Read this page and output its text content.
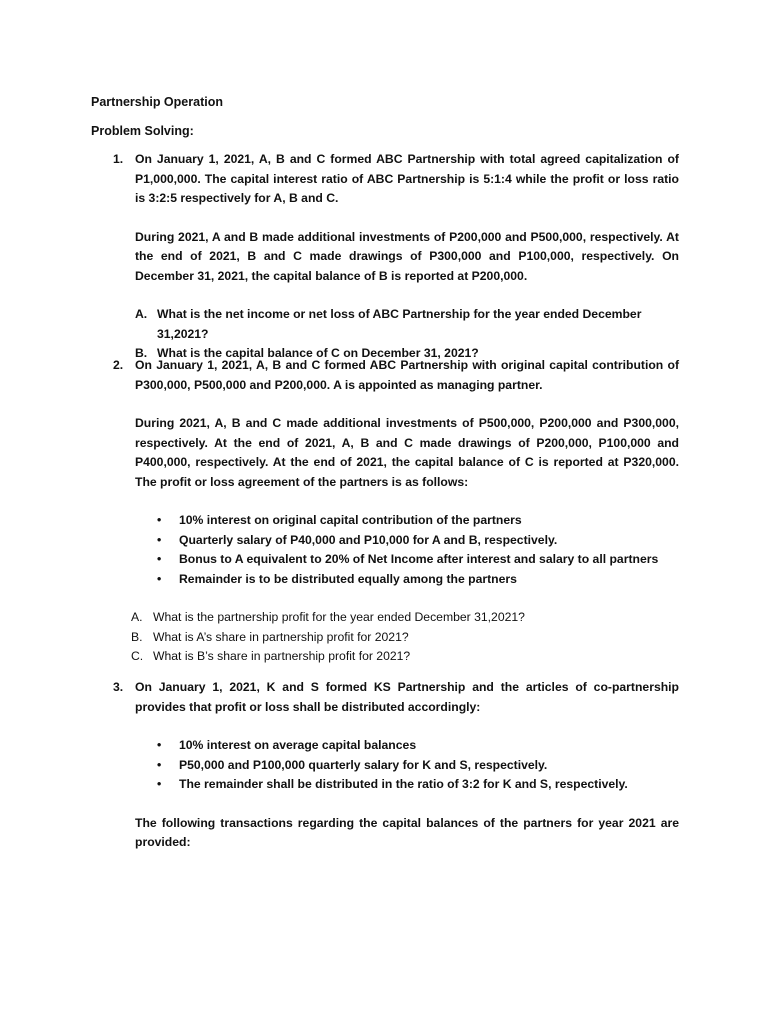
Partnership Operation
Problem Solving:
1. On January 1, 2021, A, B and C formed ABC Partnership with total agreed capitalization of P1,000,000. The capital interest ratio of ABC Partnership is 5:1:4 while the profit or loss ratio is 3:2:5 respectively for A, B and C.

During 2021, A and B made additional investments of P200,000 and P500,000, respectively. At the end of 2021, B and C made drawings of P300,000 and P100,000, respectively. On December 31, 2021, the capital balance of B is reported at P200,000.

A. What is the net income or net loss of ABC Partnership for the year ended December 31,2021?
B. What is the capital balance of C on December 31, 2021?
2. On January 1, 2021, A, B and C formed ABC Partnership with original capital contribution of P300,000, P500,000 and P200,000. A is appointed as managing partner.

During 2021, A, B and C made additional investments of P500,000, P200,000 and P300,000, respectively. At the end of 2021, A, B and C made drawings of P200,000, P100,000 and P400,000, respectively. At the end of 2021, the capital balance of C is reported at P320,000. The profit or loss agreement of the partners is as follows:

• 10% interest on original capital contribution of the partners
• Quarterly salary of P40,000 and P10,000 for A and B, respectively.
• Bonus to A equivalent to 20% of Net Income after interest and salary to all partners
• Remainder is to be distributed equally among the partners
A. What is the partnership profit for the year ended December 31,2021?
B. What is A’s share in partnership profit for 2021?
C. What is B’s share in partnership profit for 2021?
3. On January 1, 2021, K and S formed KS Partnership and the articles of co-partnership provides that profit or loss shall be distributed accordingly:

• 10% interest on average capital balances
• P50,000 and P100,000 quarterly salary for K and S, respectively.
• The remainder shall be distributed in the ratio of 3:2 for K and S, respectively.

The following transactions regarding the capital balances of the partners for year 2021 are provided:
